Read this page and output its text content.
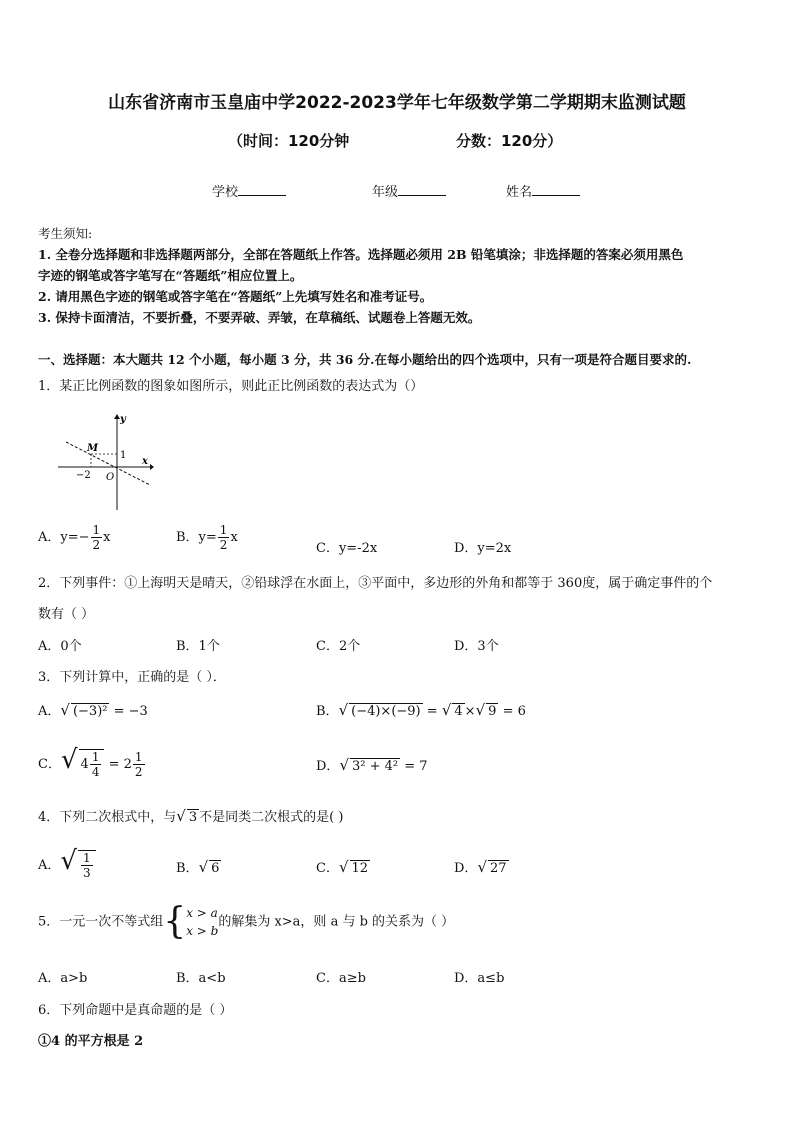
山东省济南市玉皇庙中学2022-2023学年七年级数学第二学期期末监测试题
（时间：120分钟	分数：120分）
学校	年级	姓名
考生须知:
1. 全卷分选择题和非选择题两部分，全部在答题纸上作答。选择题必须用 2B 铅笔填涂；非选择题的答案必须用黑色
字迹的钢笔或答字笔写在“答题纸”相应位置上。
2. 请用黑色字迹的钢笔或答字笔在“答题纸”上先填写姓名和准考证号。
3. 保持卡面清洁，不要折叠，不要弄破、弄皱，在草稿纸、试题卷上答题无效。
一、选择题：本大题共 12 个小题，每小题 3 分，共 36 分.在每小题给出的四个选项中，只有一项是符合题目要求的.
1．某正比例函数的图象如图所示，则此正比例函数的表达式为（）
y
x
M
1
−2 O
A．$y=- \frac{1}{2}$ x	B．$y= \frac{1}{2}$ x
C．y=-2x	D．y=2x
2．下列事件：①上海明天是晴天，②铅球浮在水面上，③平面中，多边形的外角和都等于 360度，属于确定事件的个
数有（ ）
A．0个	B．1个	C．2个	D．3个
3．下列计算中，正确的是（ ）．
A．√ (−3)² = −3	B．√ (−4)×(−9) = √ 4 ×√ 9 = 6
C．√ $4 \frac{1}{4} = 2 \frac{1}{2}$	D．√ 3² + 4² = 7
4．下列二次根式中，与√ 3 不是同类二次根式的是( )
A．√ $\frac{1}{3}$	B．√ 6	C．√ 12	D．√ 27
5．一元一次不等式组{ x > a
x > b
的解集为 x>a，则 a 与 b 的关系为（ ）
A．a>b	B．a<b	C．a≥b	D．a≤b
6．下列命题中是真命题的是（ ）
①4 的平方根是 2
